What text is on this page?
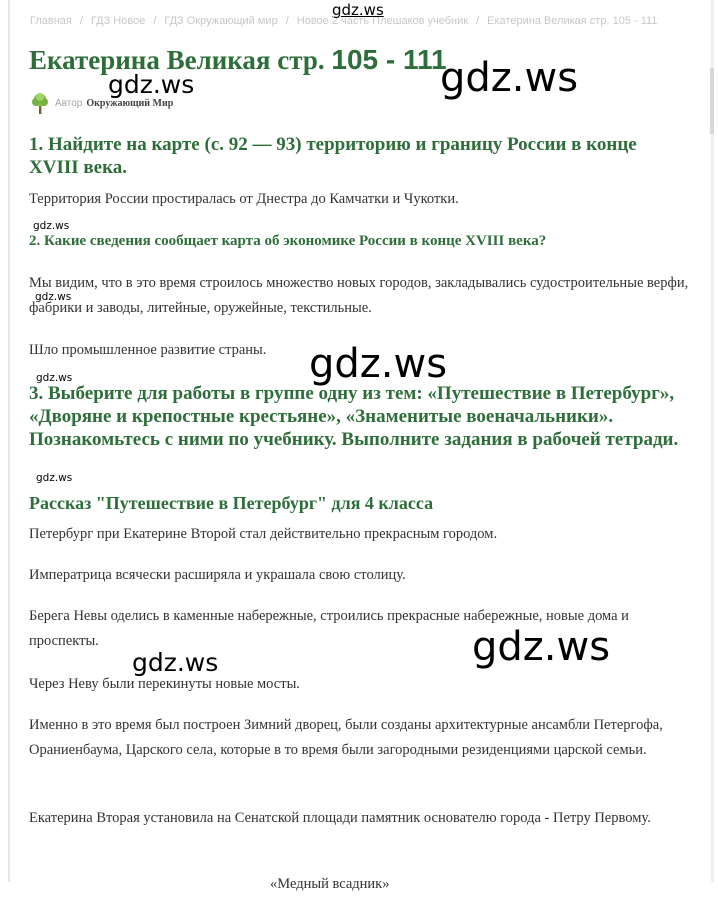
Главная / ГДЗ Новое / ГДЗ Окружающий мир / Новое 2 часть Плешаков учебник / Екатерина Великая стр. 105 - 111
gdz.ws
Екатерина Великая стр. 105 - 111
Автор Окружающий Мир
gdz.ws	gdz.ws
1. Найдите на карте (с. 92 — 93) территорию и границу России в конце XVIII века.

Территория России простиралась от Днестра до Камчатки и Чукотки.

gdz.ws
2. Какие сведения сообщает карта об экономике России в конце XVIII века?

Мы видим, что в это время строилось множество новых городов, закладывались судостроительные верфи, фабрики и заводы, литейные, оружейные, текстильные.

gdz.ws

Шло промышленное развитие страны.	gdz.ws
gdz.ws
3. Выберите для работы в группе одну из тем: «Путешествие в Петербург», «Дворяне и крепостные крестьяне», «Знаменитые военачальники». Познакомьтесь с ними по учебнику. Выполните задания в рабочей тетради.
gdz.ws
Рассказ "Путешествие в Петербург" для 4 класса

Петербург при Екатерине Второй стал действительно прекрасным городом.

Императрица всячески расширяла и украшала свою столицу.

Берега Невы оделись в каменные набережные, строились прекрасные набережные, новые дома и проспекты.	gdz.ws
gdz.ws

Через Неву были перекинуты новые мосты.

Именно в это время был построен Зимний дворец, были созданы архитектурные ансамбли Петергофа, Ораниенбаума, Царского села, которые в то время были загородными резиденциями царской семьи.

Екатерина Вторая установила на Сенатской площади памятник основателю города - Петру Первому.

«Медный всадник»
